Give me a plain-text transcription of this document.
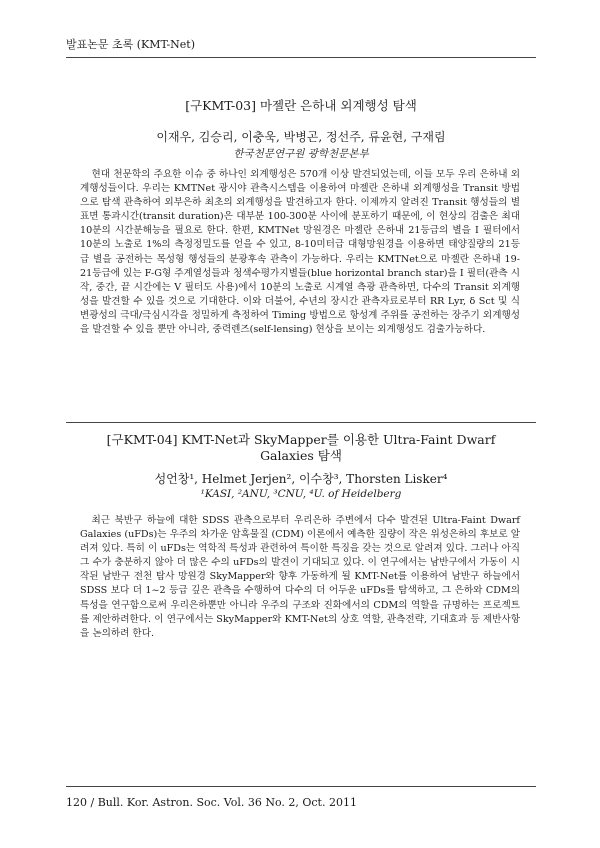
발표논문 초록 (KMT-Net)
[구KMT-03] 마젤란 은하내 외계행성 탐색
이재우, 김승리, 이충욱, 박병곤, 정선주, 류윤현, 구재림
한국천문연구원 광학천문본부
현대 천문학의 주요한 이슈 중 하나인 외계행성은 570개 이상 발견되었는데, 이들 모두 우리 은하내 외계행성들이다. 우리는 KMTNet 광시야 관측시스템을 이용하여 마젤란 은하내 외계행성을 Transit 방법으로 탐색 관측하여 외부은하 최초의 외계행성을 발견하고자 한다. 이제까지 알려진 Transit 행성들의 별표면 통과시간(transit duration)은 대부분 100-300분 사이에 분포하기 때문에, 이 현상의 검출은 최대 10분의 시간분해능을 필요로 한다. 한편, KMTNet 망원경은 마젤란 은하내 21등급의 별을 I 필터에서 10분의 노출로 1%의 측정정밀도를 얻을 수 있고, 8-10미터급 대형망원경을 이용하면 태양질량의 21등급 별을 공전하는 목성형 행성들의 분광후속 관측이 가능하다. 우리는 KMTNet으로 마젤란 은하내 19-21등급에 있는 F-G형 주계열성들과 청색수평가지별들(blue horizontal branch star)을 I 필터(관측 시작, 중간, 끝 시간에는 V 필터도 사용)에서 10분의 노출로 시계열 측광 관측하면, 다수의 Transit 외계행성을 발견할 수 있을 것으로 기대한다. 이와 더불어, 수년의 장시간 관측자료로부터 RR Lyr, δ Sct 및 식변광성의 극대/극심시각을 정밀하게 측정하여 Timing 방법으로 항성계 주위를 공전하는 장주기 외계행성을 발견할 수 있을 뿐만 아니라, 중력렌즈(self-lensing) 현상을 보이는 외계행성도 검출가능하다.
[구KMT-04] KMT-Net과 SkyMapper를 이용한 Ultra-Faint Dwarf
Galaxies 탐색
성언창¹, Helmet Jerjen², 이수창³, Thorsten Lisker⁴
¹KASI, ²ANU, ³CNU, ⁴U. of Heidelberg
최근 북반구 하늘에 대한 SDSS 관측으로부터 우리은하 주변에서 다수 발견된 Ultra-Faint Dwarf Galaxies (uFDs)는 우주의 차가운 암흑물질 (CDM) 이론에서 예측한 질량이 작은 위성은하의 후보로 알려져 있다. 특히 이 uFDs는 역학적 특성과 관련하여 특이한 특징을 갖는 것으로 알려져 있다. 그러나 아직 그 수가 충분하지 않아 더 많은 수의 uFDs의 발견이 기대되고 있다. 이 연구에서는 남반구에서 가동이 시작된 남반구 전천 탐사 망원경 SkyMapper와 향후 가동하게 될 KMT-Net를 이용하여 남반구 하늘에서 SDSS 보다 더 1~2 등급 깊은 관측을 수행하여 다수의 더 어두운 uFDs를 탐색하고, 그 은하와 CDM의 특성을 연구함으로써 우리은하뿐만 아니라 우주의 구조와 진화에서의 CDM의 역할을 규명하는 프로젝트를 제안하려한다. 이 연구에서는 SkyMapper와 KMT-Net의 상호 역할, 관측전략, 기대효과 등 제반사항을 논의하려 한다.
120 / Bull. Kor. Astron. Soc. Vol. 36 No. 2, Oct. 2011
